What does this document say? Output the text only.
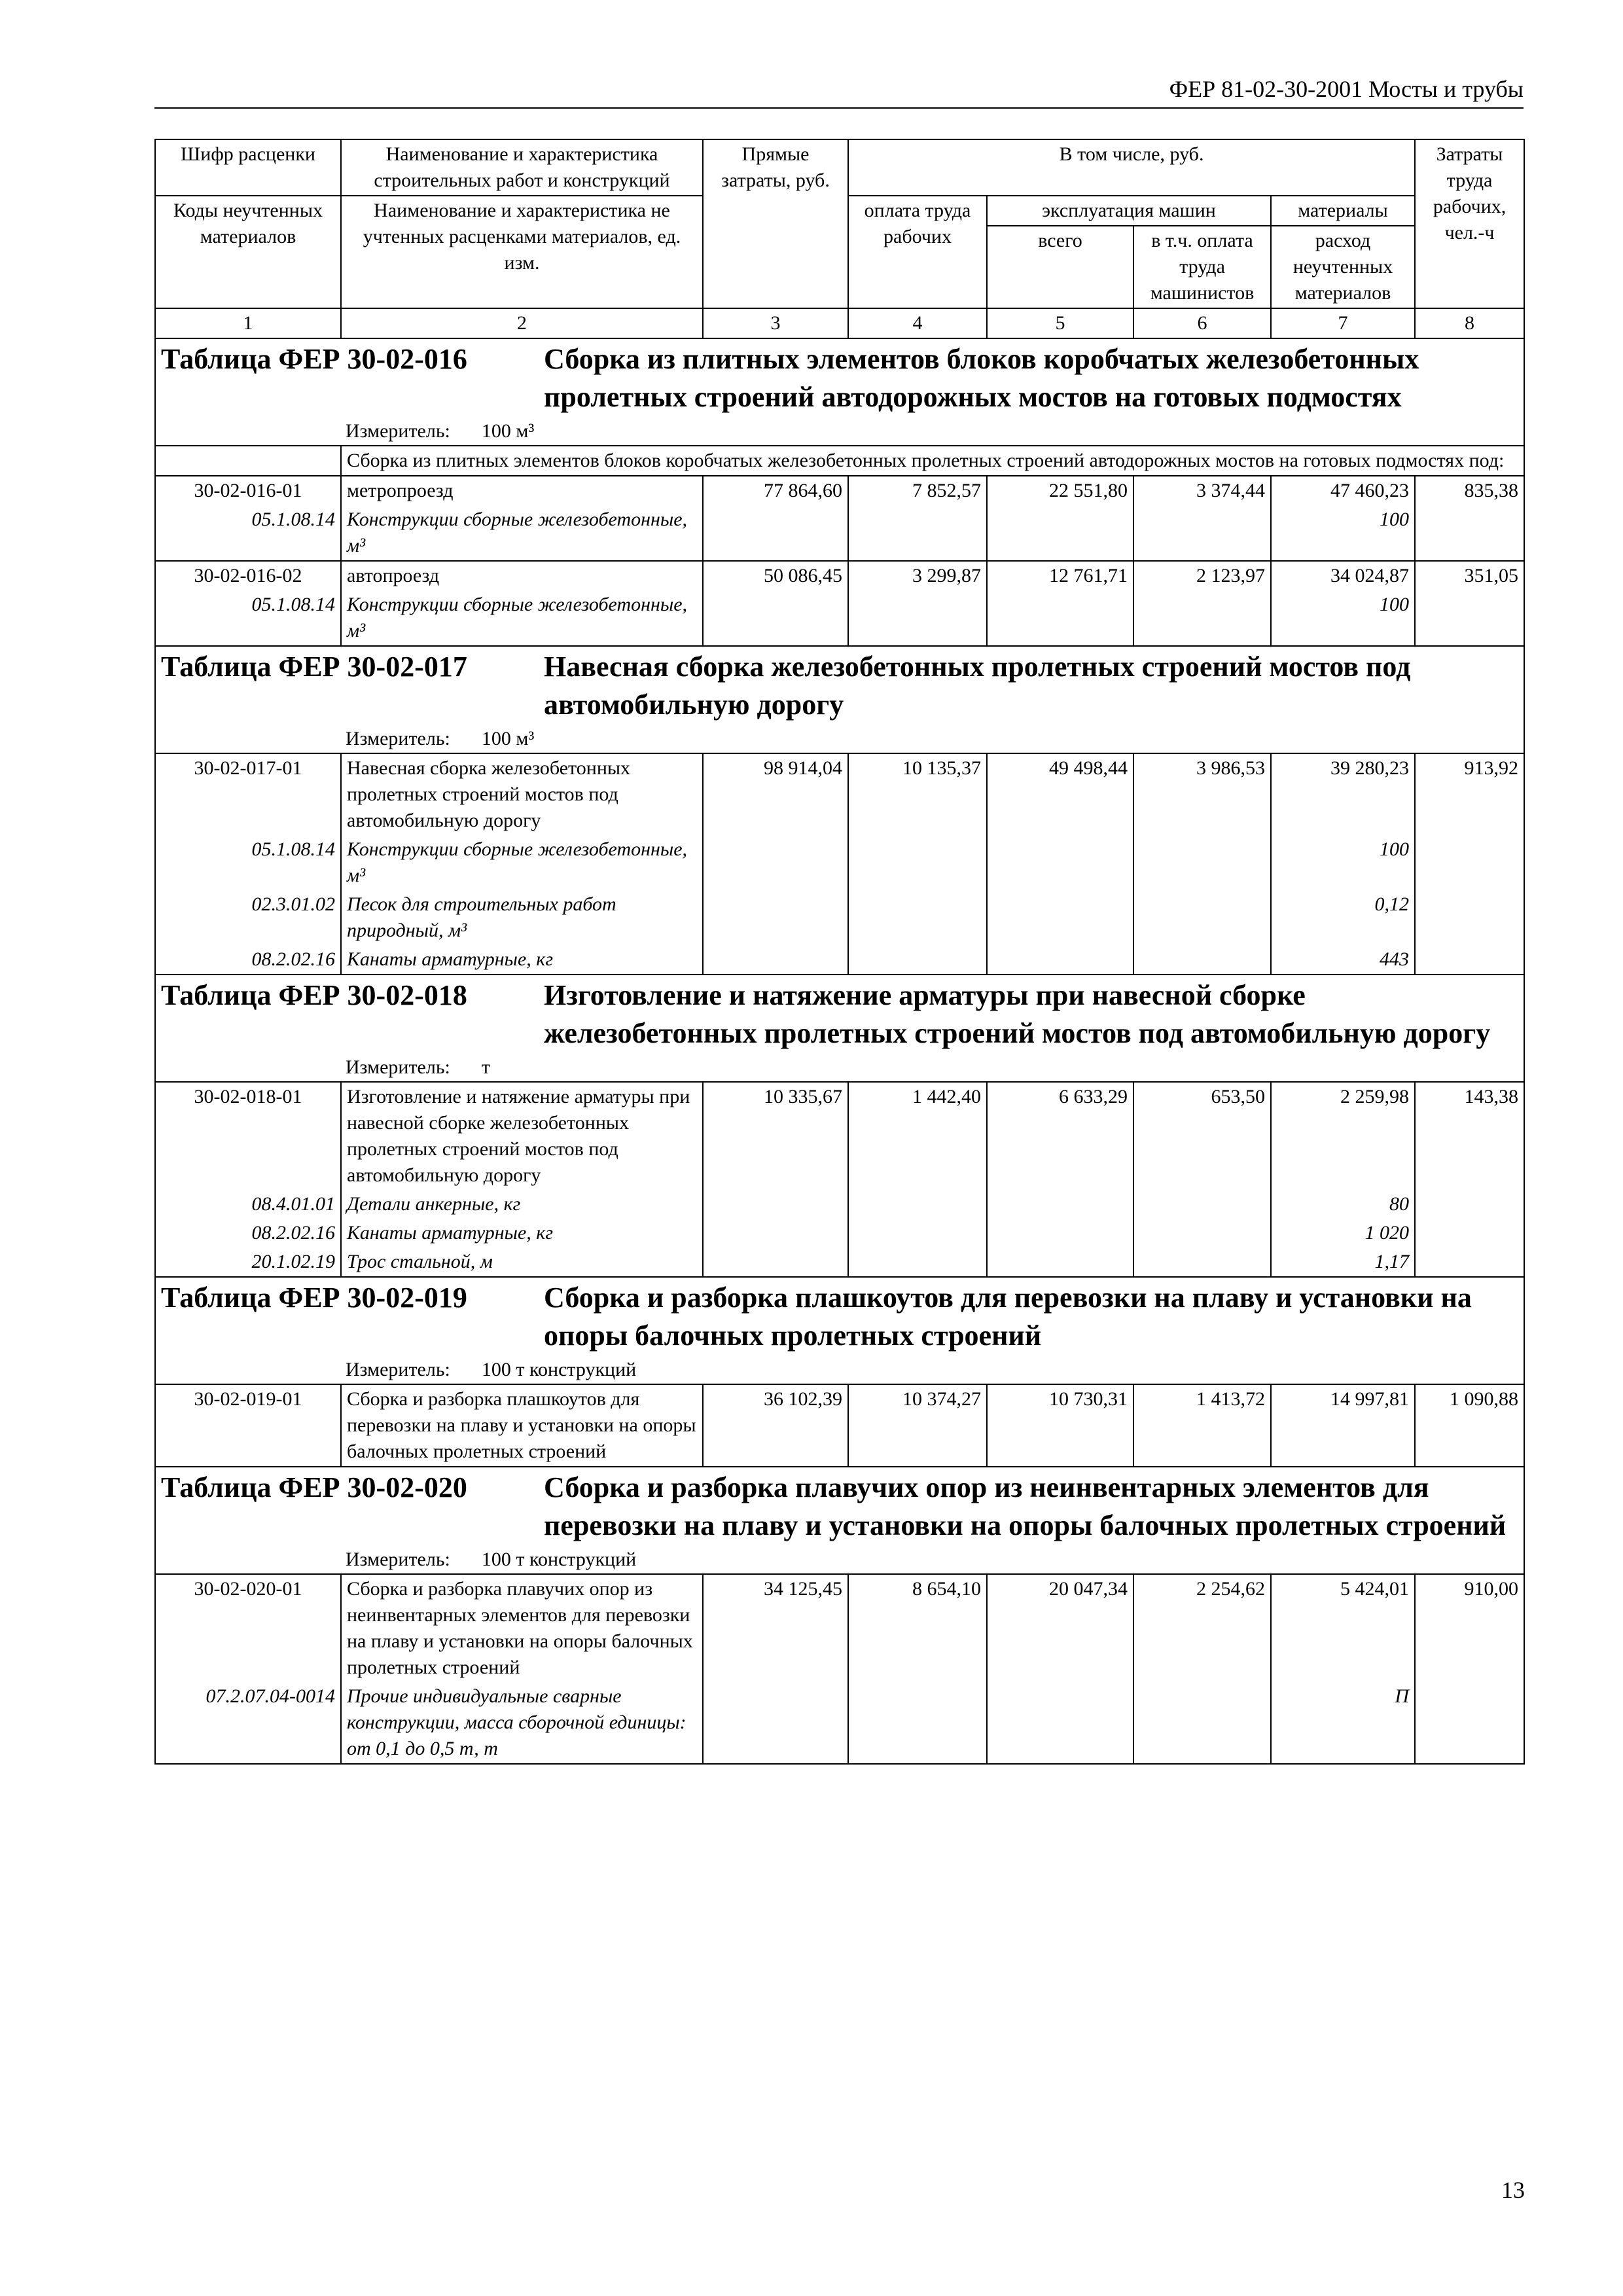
ФЕР 81-02-30-2001 Мосты и трубы
Шифр расценки	Наименование и характеристика строительных работ и конструкций	Прямые затраты, руб.	В том числе, руб.				Затраты труда рабочих, чел.-ч
Коды неучтенных материалов	Наименование и характеристика не учтенных расценками материалов, ед. изм.		оплата труда рабочих	эксплуатация машин		материалы	
				всего	в т.ч. оплата труда машинистов	расход неучтенных материалов	
1	2	3	4	5	6	7	8

Таблица ФЕР 30-02-016 Сборка из плитных элементов блоков коробчатых железобетонных пролетных строений автодорожных мостов на готовых подмостях							

Измеритель: 100 м³							

	Сборка из плитных элементов блоков коробчатых железобетонных пролетных строений автодорожных мостов на готовых подмостях под:						
30-02-016-01	метропроезд	77 864,60	7 852,57	22 551,80	3 374,44	47 460,23	835,38
05.1.08.14	Конструкции сборные железобетонные, м³					100	
30-02-016-02	автопроезд	50 086,45	3 299,87	12 761,71	2 123,97	34 024,87	351,05
05.1.08.14	Конструкции сборные железобетонные, м³					100	

Таблица ФЕР 30-02-017 Навесная сборка железобетонных пролетных строений мостов под автомобильную дорогу							

Измеритель: 100 м³							

30-02-017-01	Навесная сборка железобетонных пролетных строений мостов под автомобильную дорогу	98 914,04	10 135,37	49 498,44	3 986,53	39 280,23	913,92
05.1.08.14	Конструкции сборные железобетонные, м³					100	
02.3.01.02	Песок для строительных работ природный, м³					0,12	
08.2.02.16	Канаты арматурные, кг					443	

Таблица ФЕР 30-02-018 Изготовление и натяжение арматуры при навесной сборке железобетонных пролетных строений мостов под автомобильную дорогу							

Измеритель: т							

30-02-018-01	Изготовление и натяжение арматуры при навесной сборке железобетонных пролетных строений мостов под автомобильную дорогу	10 335,67	1 442,40	6 633,29	653,50	2 259,98	143,38
08.4.01.01	Детали анкерные, кг					80	
08.2.02.16	Канаты арматурные, кг					1 020	
20.1.02.19	Трос стальной, м					1,17	

Таблица ФЕР 30-02-019 Сборка и разборка плашкоутов для перевозки на плаву и установки на опоры балочных пролетных строений							

Измеритель: 100 т конструкций							

30-02-019-01	Сборка и разборка плашкоутов для перевозки на плаву и установки на опоры балочных пролетных строений	36 102,39	10 374,27	10 730,31	1 413,72	14 997,81	1 090,88

Таблица ФЕР 30-02-020 Сборка и разборка плавучих опор из неинвентарных элементов для перевозки на плаву и установки на опоры балочных пролетных строений							

Измеритель: 100 т конструкций							

30-02-020-01	Сборка и разборка плавучих опор из неинвентарных элементов для перевозки на плаву и установки на опоры балочных пролетных строений	34 125,45	8 654,10	20 047,34	2 254,62	5 424,01	910,00
07.2.07.04-0014	Прочие индивидуальные сварные конструкции, масса сборочной единицы: от 0,1 до 0,5 т, т					П	
13
